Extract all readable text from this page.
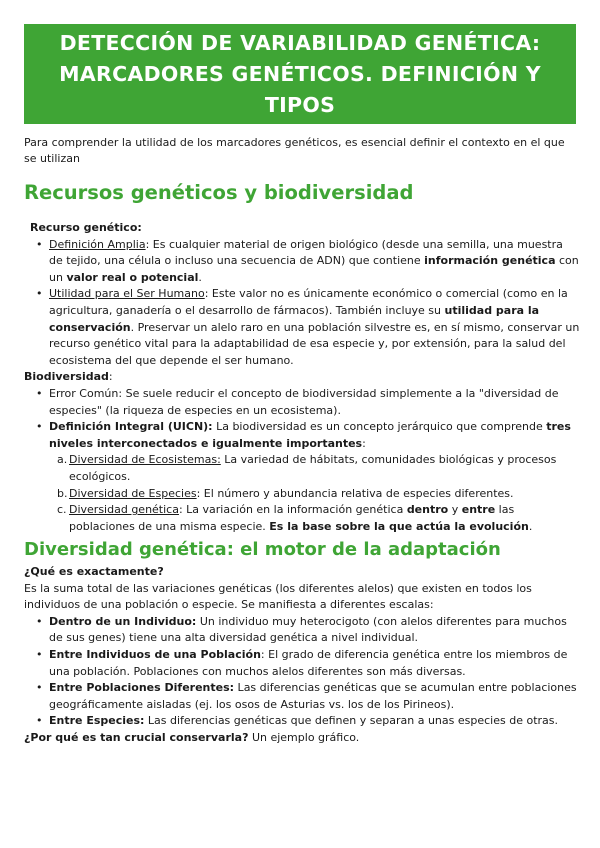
DETECCIÓN DE VARIABILIDAD GENÉTICA:
MARCADORES GENÉTICOS. DEFINICIÓN Y
TIPOS

Para comprender la utilidad de los marcadores genéticos, es esencial definir el contexto en el que se utilizan

Recursos genéticos y biodiversidad
Recurso genético:
• Definición Amplia: Es cualquier material de origen biológico (desde una semilla, una muestra de tejido, una célula o incluso una secuencia de ADN) que contiene información genética con un valor real o potencial.
• Utilidad para el Ser Humano: Este valor no es únicamente económico o comercial (como en la agricultura, ganadería o el desarrollo de fármacos). También incluye su utilidad para la conservación. Preservar un alelo raro en una población silvestre es, en sí mismo, conservar un recurso genético vital para la adaptabilidad de esa especie y, por extensión, para la salud del ecosistema del que depende el ser humano.
Biodiversidad:
• Error Común: Se suele reducir el concepto de biodiversidad simplemente a la "diversidad de especies" (la riqueza de especies en un ecosistema).
• Definición Integral (UICN): La biodiversidad es un concepto jerárquico que comprende tres niveles interconectados e igualmente importantes:
a. Diversidad de Ecosistemas: La variedad de hábitats, comunidades biológicas y procesos ecológicos.
b. Diversidad de Especies: El número y abundancia relativa de especies diferentes.
c. Diversidad genética: La variación en la información genética dentro y entre las poblaciones de una misma especie. Es la base sobre la que actúa la evolución.
Diversidad genética: el motor de la adaptación
¿Qué es exactamente?

Es la suma total de las variaciones genéticas (los diferentes alelos) que existen en todos los individuos de una población o especie. Se manifiesta a diferentes escalas:

• Dentro de un Individuo: Un individuo muy heterocigoto (con alelos diferentes para muchos de sus genes) tiene una alta diversidad genética a nivel individual.
• Entre Individuos de una Población: El grado de diferencia genética entre los miembros de una población. Poblaciones con muchos alelos diferentes son más diversas.
• Entre Poblaciones Diferentes: Las diferencias genéticas que se acumulan entre poblaciones geográficamente aisladas (ej. los osos de Asturias vs. los de los Pirineos).
• Entre Especies: Las diferencias genéticas que definen y separan a unas especies de otras.
¿Por qué es tan crucial conservarla? Un ejemplo gráfico.
